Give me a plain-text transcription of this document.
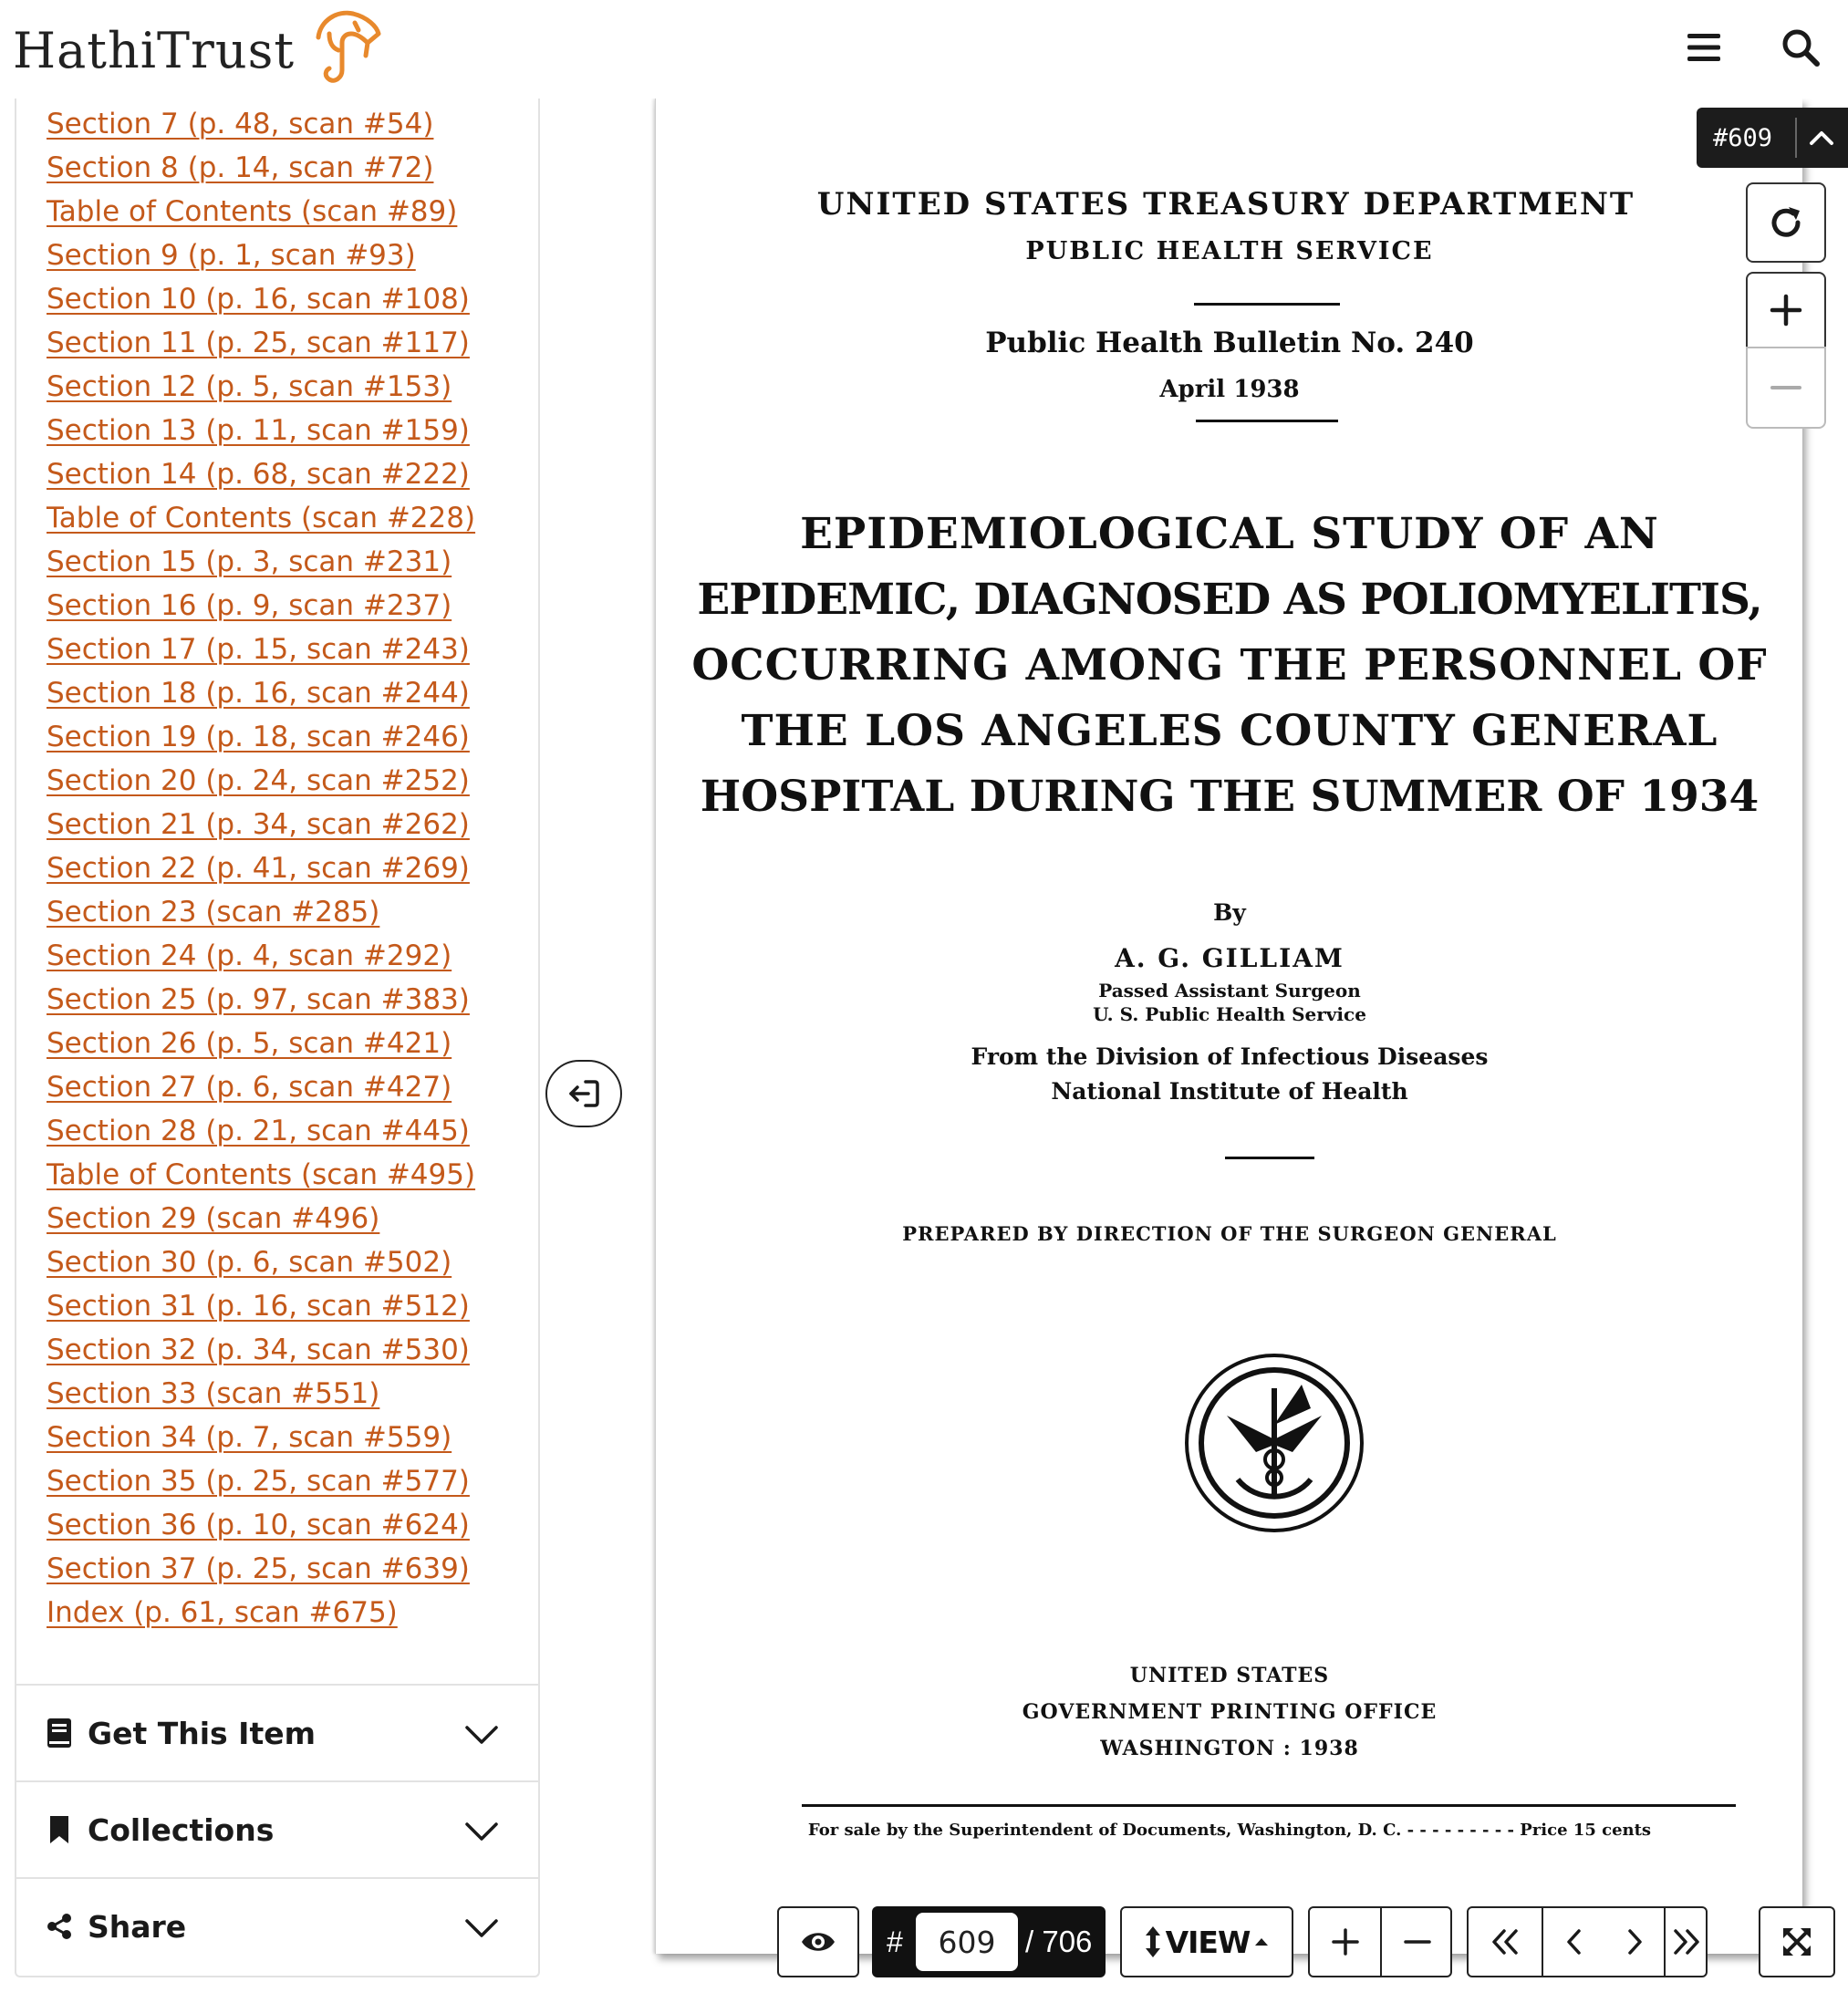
HathiTrust
Section 7 (p. 48, scan #54)
Section 8 (p. 14, scan #72)
Table of Contents (scan #89)
Section 9 (p. 1, scan #93)
Section 10 (p. 16, scan #108)
Section 11 (p. 25, scan #117)
Section 12 (p. 5, scan #153)
Section 13 (p. 11, scan #159)
Section 14 (p. 68, scan #222)
Table of Contents (scan #228)
Section 15 (p. 3, scan #231)
Section 16 (p. 9, scan #237)
Section 17 (p. 15, scan #243)
Section 18 (p. 16, scan #244)
Section 19 (p. 18, scan #246)
Section 20 (p. 24, scan #252)
Section 21 (p. 34, scan #262)
Section 22 (p. 41, scan #269)
Section 23 (scan #285)
Section 24 (p. 4, scan #292)
Section 25 (p. 97, scan #383)
Section 26 (p. 5, scan #421)
Section 27 (p. 6, scan #427)
Section 28 (p. 21, scan #445)
Table of Contents (scan #495)
Section 29 (scan #496)
Section 30 (p. 6, scan #502)
Section 31 (p. 16, scan #512)
Section 32 (p. 34, scan #530)
Section 33 (scan #551)
Section 34 (p. 7, scan #559)
Section 35 (p. 25, scan #577)
Section 36 (p. 10, scan #624)
Section 37 (p. 25, scan #639)
Index (p. 61, scan #675)
Get This Item
Collections
Share
UNITED STATES TREASURY DEPARTMENT
PUBLIC HEALTH SERVICE
Public Health Bulletin No. 240
April 1938
EPIDEMIOLOGICAL STUDY OF AN
EPIDEMIC, DIAGNOSED AS POLIOMYELITIS,
OCCURRING AMONG THE PERSONNEL OF
THE LOS ANGELES COUNTY GENERAL
HOSPITAL DURING THE SUMMER OF 1934
By
A. G. GILLIAM
Passed Assistant Surgeon
U. S. Public Health Service
From the Division of Infectious Diseases
National Institute of Health
PREPARED BY DIRECTION OF THE SURGEON GENERAL
UNITED STATES
GOVERNMENT PRINTING OFFICE
WASHINGTON : 1938
For sale by the Superintendent of Documents, Washington, D. C. - - - - - - - - - Price 15 cents
#609
#
609	/ 706 VIEW
